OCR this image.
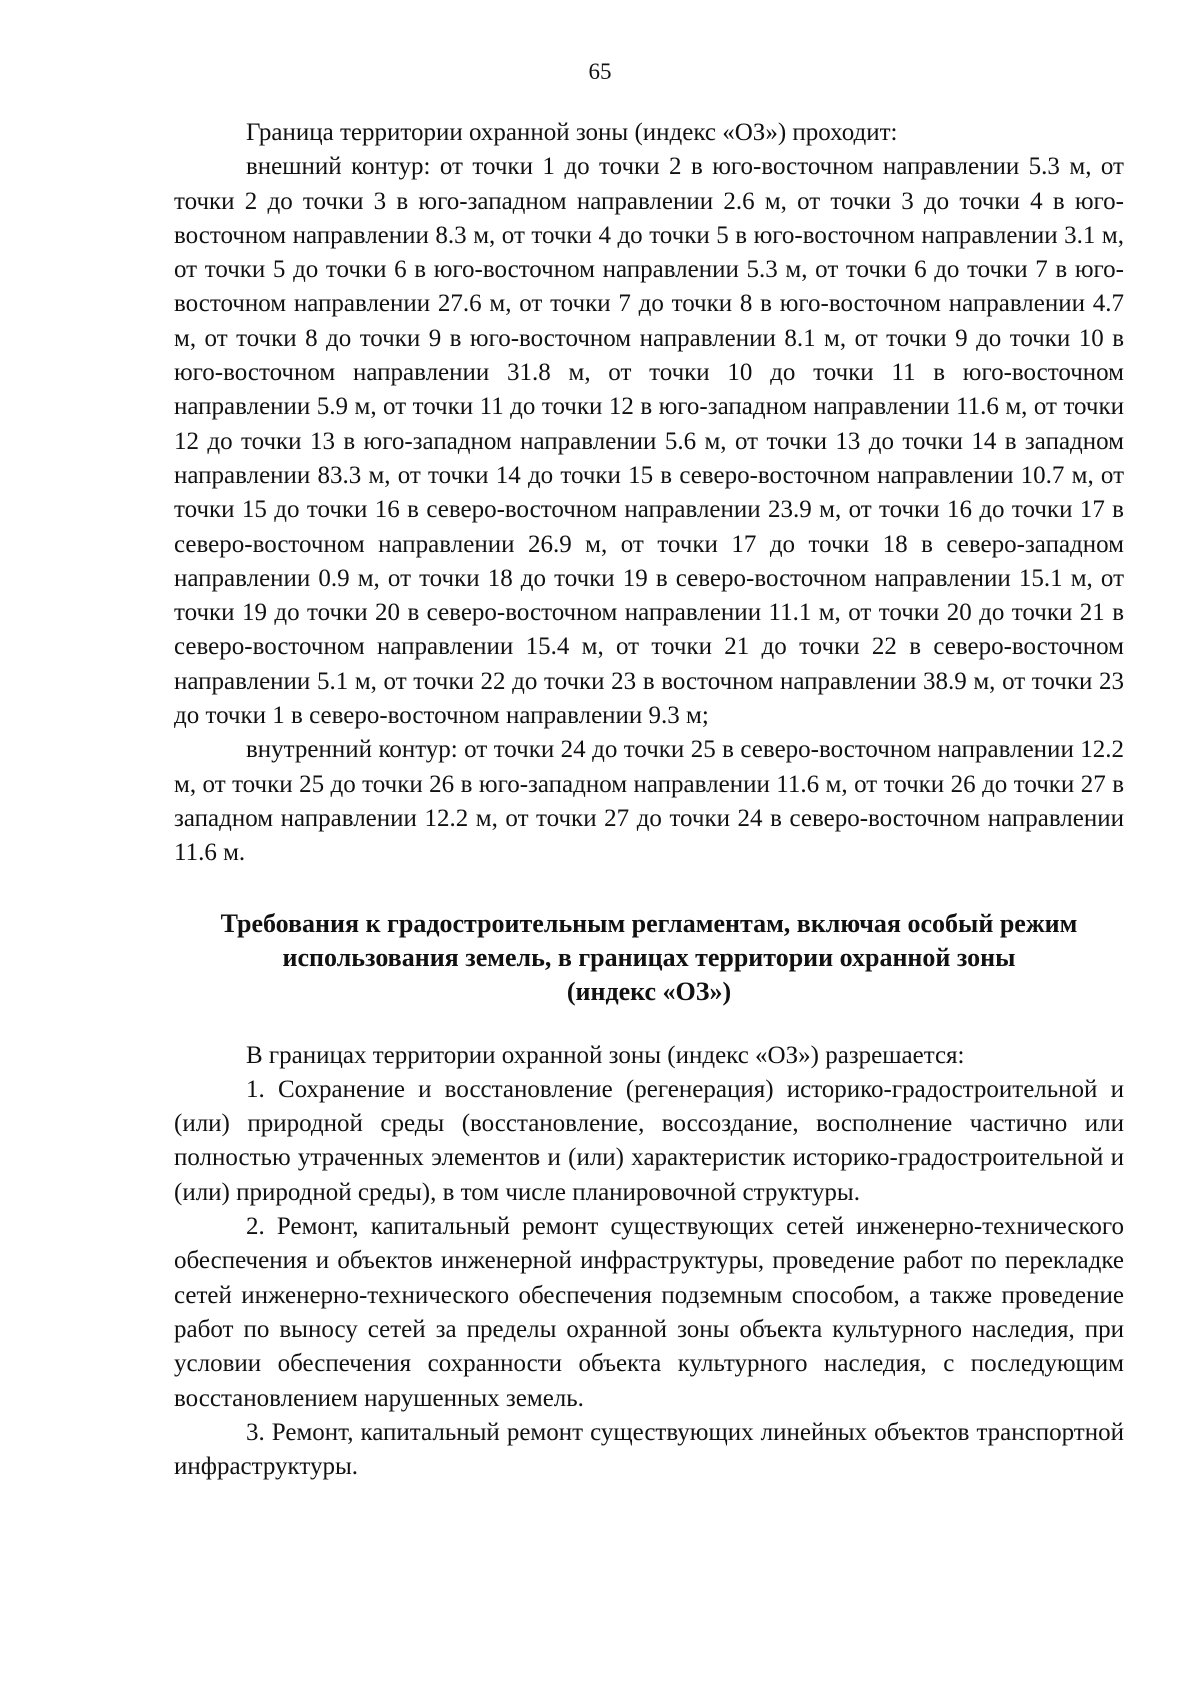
65

Граница территории охранной зоны (индекс «ОЗ») проходит:

внешний контур: от точки 1 до точки 2 в юго-восточном направлении 5.3 м, от точки 2 до точки 3 в юго-западном направлении 2.6 м, от точки 3 до точки 4 в юго-восточном направлении 8.3 м, от точки 4 до точки 5 в юго-восточном направлении 3.1 м, от точки 5 до точки 6 в юго-восточном направлении 5.3 м, от точки 6 до точки 7 в юго-восточном направлении 27.6 м, от точки 7 до точки 8 в юго-восточном направлении 4.7 м, от точки 8 до точки 9 в юго-восточном направлении 8.1 м, от точки 9 до точки 10 в юго-восточном направлении 31.8 м, от точки 10 до точки 11 в юго-восточном направлении 5.9 м, от точки 11 до точки 12 в юго-западном направлении 11.6 м, от точки 12 до точки 13 в юго-западном направлении 5.6 м, от точки 13 до точки 14 в западном направлении 83.3 м, от точки 14 до точки 15 в северо-восточном направлении 10.7 м, от точки 15 до точки 16 в северо-восточном направлении 23.9 м, от точки 16 до точки 17 в северо-восточном направлении 26.9 м, от точки 17 до точки 18 в северо-западном направлении 0.9 м, от точки 18 до точки 19 в северо-восточном направлении 15.1 м, от точки 19 до точки 20 в северо-восточном направлении 11.1 м, от точки 20 до точки 21 в северо-восточном направлении 15.4 м, от точки 21 до точки 22 в северо-восточном направлении 5.1 м, от точки 22 до точки 23 в восточном направлении 38.9 м, от точки 23 до точки 1 в северо-восточном направлении 9.3 м;

внутренний контур: от точки 24 до точки 25 в северо-восточном направлении 12.2 м, от точки 25 до точки 26 в юго-западном направлении 11.6 м, от точки 26 до точки 27 в западном направлении 12.2 м, от точки 27 до точки 24 в северо-восточном направлении 11.6 м.

Требования к градостроительным регламентам, включая особый режим
использования земель, в границах территории охранной зоны
(индекс «ОЗ»)

В границах территории охранной зоны (индекс «ОЗ») разрешается:

1. Сохранение и восстановление (регенерация) историко-градостроительной и (или) природной среды (восстановление, воссоздание, восполнение частично или полностью утраченных элементов и (или) характеристик историко-градостроительной и (или) природной среды), в том числе планировочной структуры.

2. Ремонт, капитальный ремонт существующих сетей инженерно-технического обеспечения и объектов инженерной инфраструктуры, проведение работ по перекладке сетей инженерно-технического обеспечения подземным способом, а также проведение работ по выносу сетей за пределы охранной зоны объекта культурного наследия, при условии обеспечения сохранности объекта культурного наследия, с последующим восстановлением нарушенных земель.

3. Ремонт, капитальный ремонт существующих линейных объектов транспортной инфраструктуры.
